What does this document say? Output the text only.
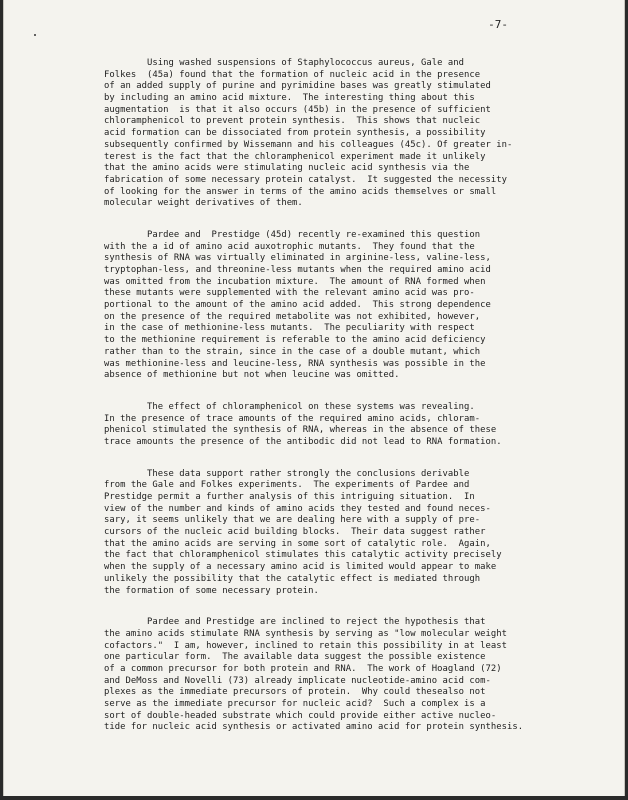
-7-
Using washed suspensions of Staphylococcus aureus, Gale and
Folkes  (45a) found that the formation of nucleic acid in the presence
of an added supply of purine and pyrimidine bases was greatly stimulated
by including an amino acid mixture.  The interesting thing about this
augmentation  is that it also occurs (45b) in the presence of sufficient
chloramphenicol to prevent protein synthesis.  This shows that nucleic
acid formation can be dissociated from protein synthesis, a possibility
subsequently confirmed by Wissemann and his colleagues (45c). Of greater in-
terest is the fact that the chloramphenicol experiment made it unlikely
that the amino acids were stimulating nucleic acid synthesis via the
fabrication of some necessary protein catalyst.  It suggested the necessity
of looking for the answer in terms of the amino acids themselves or small
molecular weight derivatives of them.
Pardee and  Prestidge (45d) recently re-examined this question
with the a id of amino acid auxotrophic mutants.  They found that the
synthesis of RNA was virtually eliminated in arginine-less, valine-less,
tryptophan-less, and threonine-less mutants when the required amino acid
was omitted from the incubation mixture.  The amount of RNA formed when
these mutants were supplemented with the relevant amino acid was pro-
portional to the amount of the amino acid added.  This strong dependence
on the presence of the required metabolite was not exhibited, however,
in the case of methionine-less mutants.  The peculiarity with respect
to the methionine requirement is referable to the amino acid deficiency
rather than to the strain, since in the case of a double mutant, which
was methionine-less and leucine-less, RNA synthesis was possible in the
absence of methionine but not when leucine was omitted.
The effect of chloramphenicol on these systems was revealing.
In the presence of trace amounts of the required amino acids, chloram-
phenicol stimulated the synthesis of RNA, whereas in the absence of these
trace amounts the presence of the antibodic did not lead to RNA formation.
These data support rather strongly the conclusions derivable
from the Gale and Folkes experiments.  The experiments of Pardee and
Prestidge permit a further analysis of this intriguing situation.  In
view of the number and kinds of amino acids they tested and found neces-
sary, it seems unlikely that we are dealing here with a supply of pre-
cursors of the nucleic acid building blocks.  Their data suggest rather
that the amino acids are serving in some sort of catalytic role.  Again,
the fact that chloramphenicol stimulates this catalytic activity precisely
when the supply of a necessary amino acid is limited would appear to make
unlikely the possibility that the catalytic effect is mediated through
the formation of some necessary protein.
Pardee and Prestidge are inclined to reject the hypothesis that
the amino acids stimulate RNA synthesis by serving as "low molecular weight
cofactors."  I am, however, inclined to retain this possibility in at least
one particular form.  The available data suggest the possible existence
of a common precursor for both protein and RNA.  The work of Hoagland (72)
and DeMoss and Novelli (73) already implicate nucleotide-amino acid com-
plexes as the immediate precursors of protein.  Why could thesealso not
serve as the immediate precursor for nucleic acid?  Such a complex is a
sort of double-headed substrate which could provide either active nucleo-
tide for nucleic acid synthesis or activated amino acid for protein synthesis.
